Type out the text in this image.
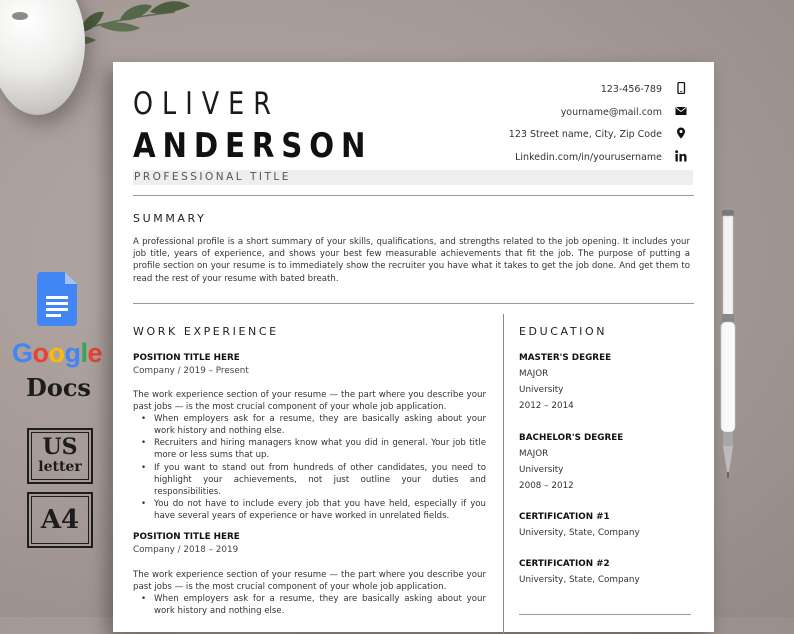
Google
Docs
US
letter
A4
OLIVER
ANDERSON
PROFESSIONAL TITLE
123-456-789
yourname@mail.com
123 Street name, City, Zip Code
Linkedin.com/in/yourusername
SUMMARY
A professional profile is a short summary of your skills, qualifications, and strengths related to the job opening. It includes your job title, years of experience, and shows your best few measurable achievements that fit the job. The purpose of putting a profile section on your resume is to immediately show the recruiter you have what it takes to get the job done. And get them to read the rest of your resume with bated breath.
WORK EXPERIENCE
POSITION TITLE HERE
Company / 2019 – Present

The work experience section of your resume — the part where you describe your past jobs — is the most crucial component of your whole job application.

• When employers ask for a resume, they are basically asking about your work history and nothing else.
• Recruiters and hiring managers know what you did in general. Your job title more or less sums that up.
• If you want to stand out from hundreds of other candidates, you need to highlight your achievements, not just outline your duties and responsibilities.
• You do not have to include every job that you have held, especially if you have several years of experience or have worked in unrelated fields.
POSITION TITLE HERE
Company / 2018 – 2019

The work experience section of your resume — the part where you describe your past jobs — is the most crucial component of your whole job application.

• When employers ask for a resume, they are basically asking about your work history and nothing else.
EDUCATION
MASTER'S DEGREE
MAJOR
University
2012 – 2014
BACHELOR'S DEGREE
MAJOR
University
2008 – 2012
CERTIFICATION #1
University, State, Company
CERTIFICATION #2
University, State, Company
